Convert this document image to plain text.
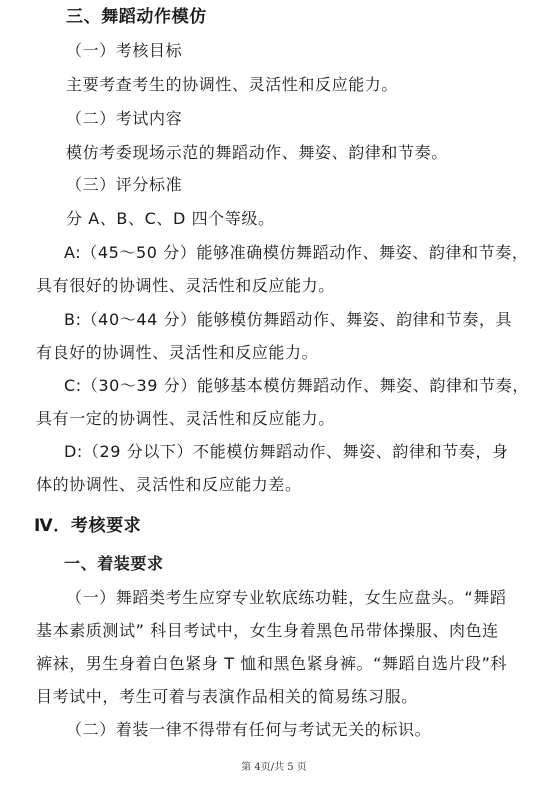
三、舞蹈动作模仿
（一）考核目标
主要考查考生的协调性、灵活性和反应能力。
（二）考试内容
模仿考委现场示范的舞蹈动作、舞姿、韵律和节奏。
（三）评分标准
分 A、B、C、D 四个等级。
A:（45～50 分）能够准确模仿舞蹈动作、舞姿、韵律和节奏，
具有很好的协调性、灵活性和反应能力。
B:（40～44 分）能够模仿舞蹈动作、舞姿、韵律和节奏，具
有良好的协调性、灵活性和反应能力。
C:（30～39 分）能够基本模仿舞蹈动作、舞姿、韵律和节奏，
具有一定的协调性、灵活性和反应能力。
D:（29 分以下）不能模仿舞蹈动作、舞姿、韵律和节奏，身
体的协调性、灵活性和反应能力差。
Ⅳ．考核要求
一、着装要求
（一）舞蹈类考生应穿专业软底练功鞋，女生应盘头。“舞蹈
基本素质测试” 科目考试中，女生身着黑色吊带体操服、肉色连
裤袜，男生身着白色紧身 T 恤和黑色紧身裤。“舞蹈自选片段”科
目考试中，考生可着与表演作品相关的简易练习服。
（二）着装一律不得带有任何与考试无关的标识。
第 4页/共 5 页
